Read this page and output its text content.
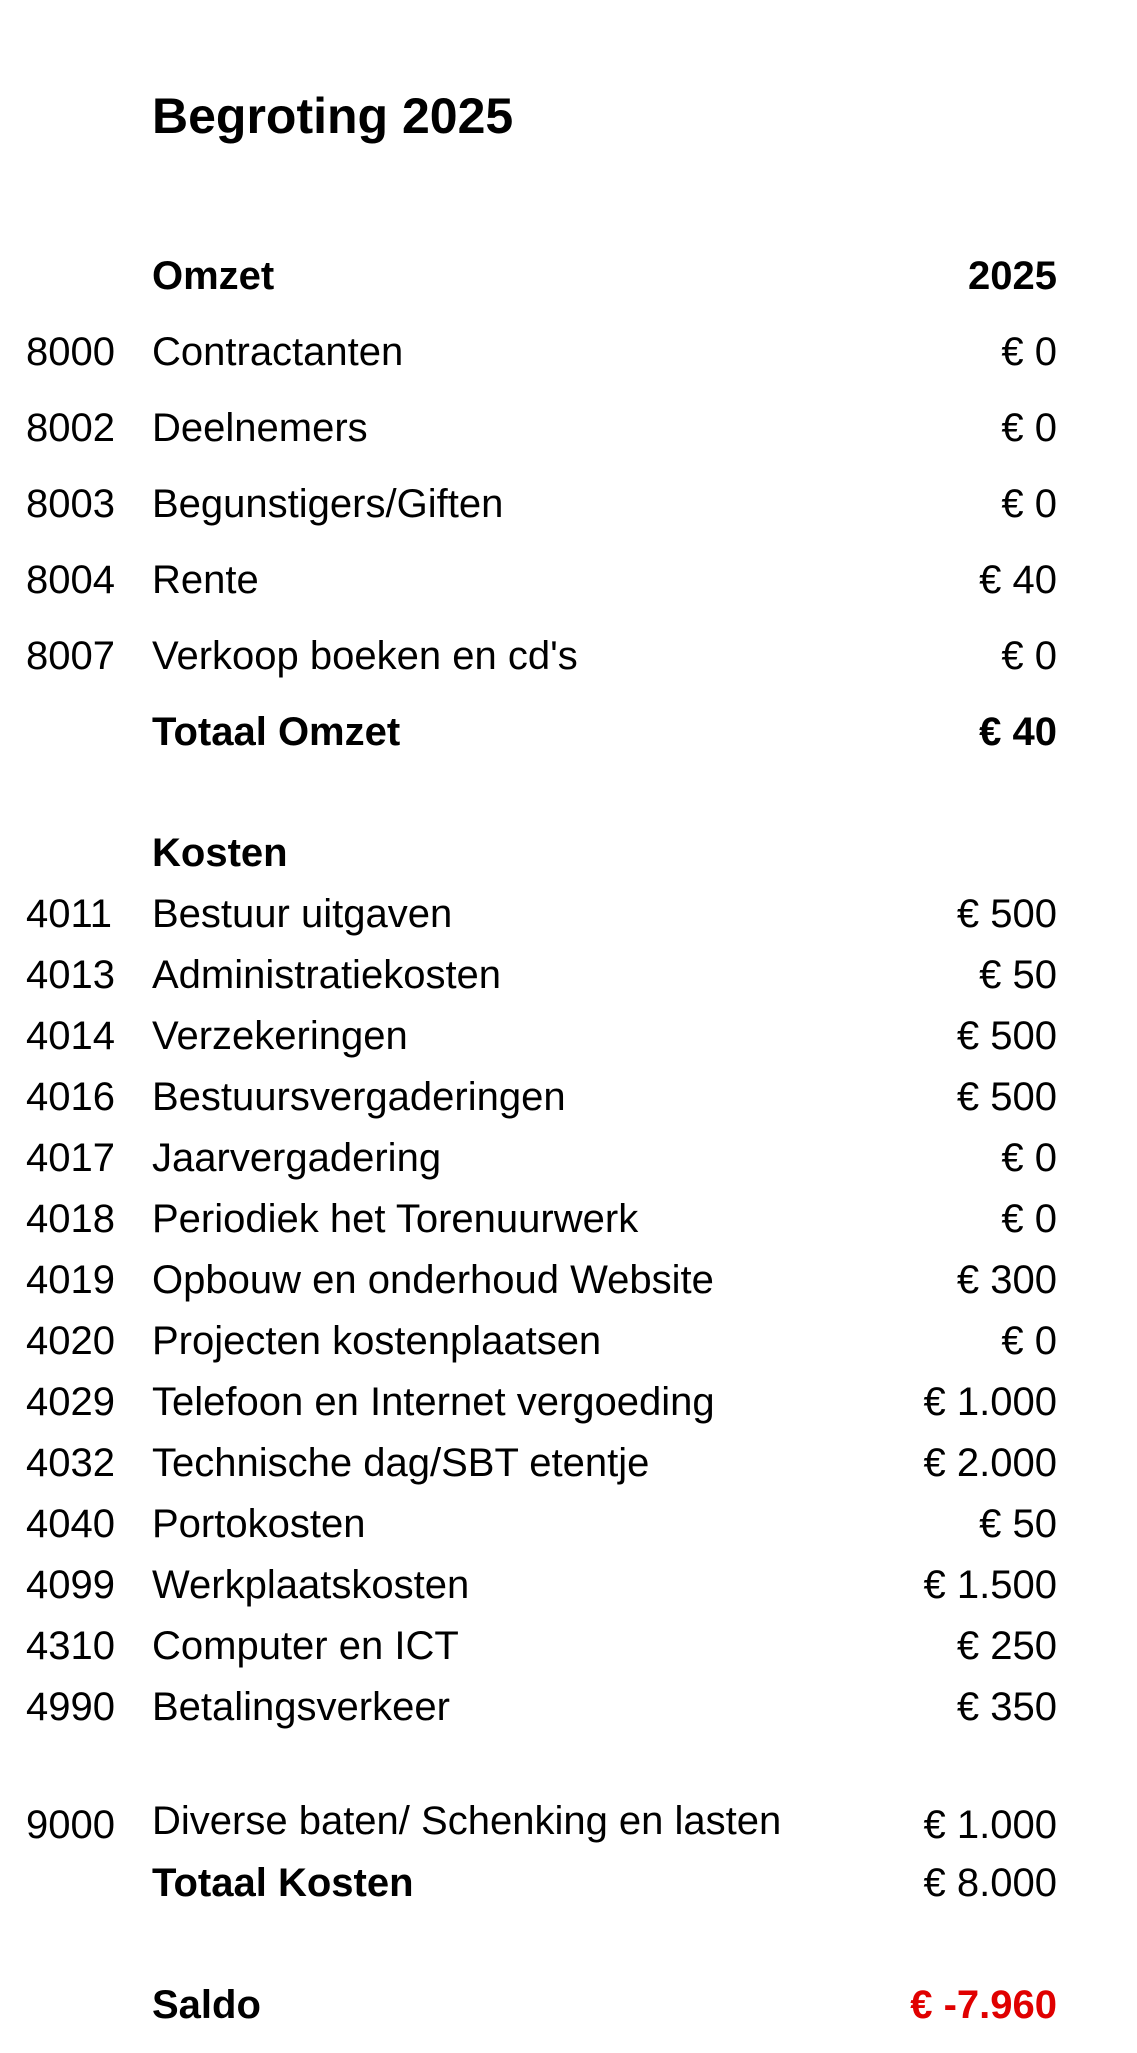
Begroting 2025
Omzet	2025
8000 Contractanten	€ 0
8002 Deelnemers	€ 0
8003 Begunstigers/Giften	€ 0
8004 Rente	€ 40
8007 Verkoop boeken en cd's	€ 0
Totaal Omzet	€ 40
Kosten
4011 Bestuur uitgaven	€ 500
4013 Administratiekosten	€ 50
4014 Verzekeringen	€ 500
4016 Bestuursvergaderingen	€ 500
4017 Jaarvergadering	€ 0
4018 Periodiek het Torenuurwerk	€ 0
4019 Opbouw en onderhoud Website	€ 300
4020 Projecten kostenplaatsen	€ 0
4029 Telefoon en Internet vergoeding	€ 1.000
4032 Technische dag/SBT etentje	€ 2.000
4040 Portokosten	€ 50
4099 Werkplaatskosten	€ 1.500
4310 Computer en ICT	€ 250
4990 Betalingsverkeer	€ 350
9000 Diverse baten/ Schenking en lasten	€ 1.000
Totaal Kosten	€ 8.000
Saldo	€ -7.960
